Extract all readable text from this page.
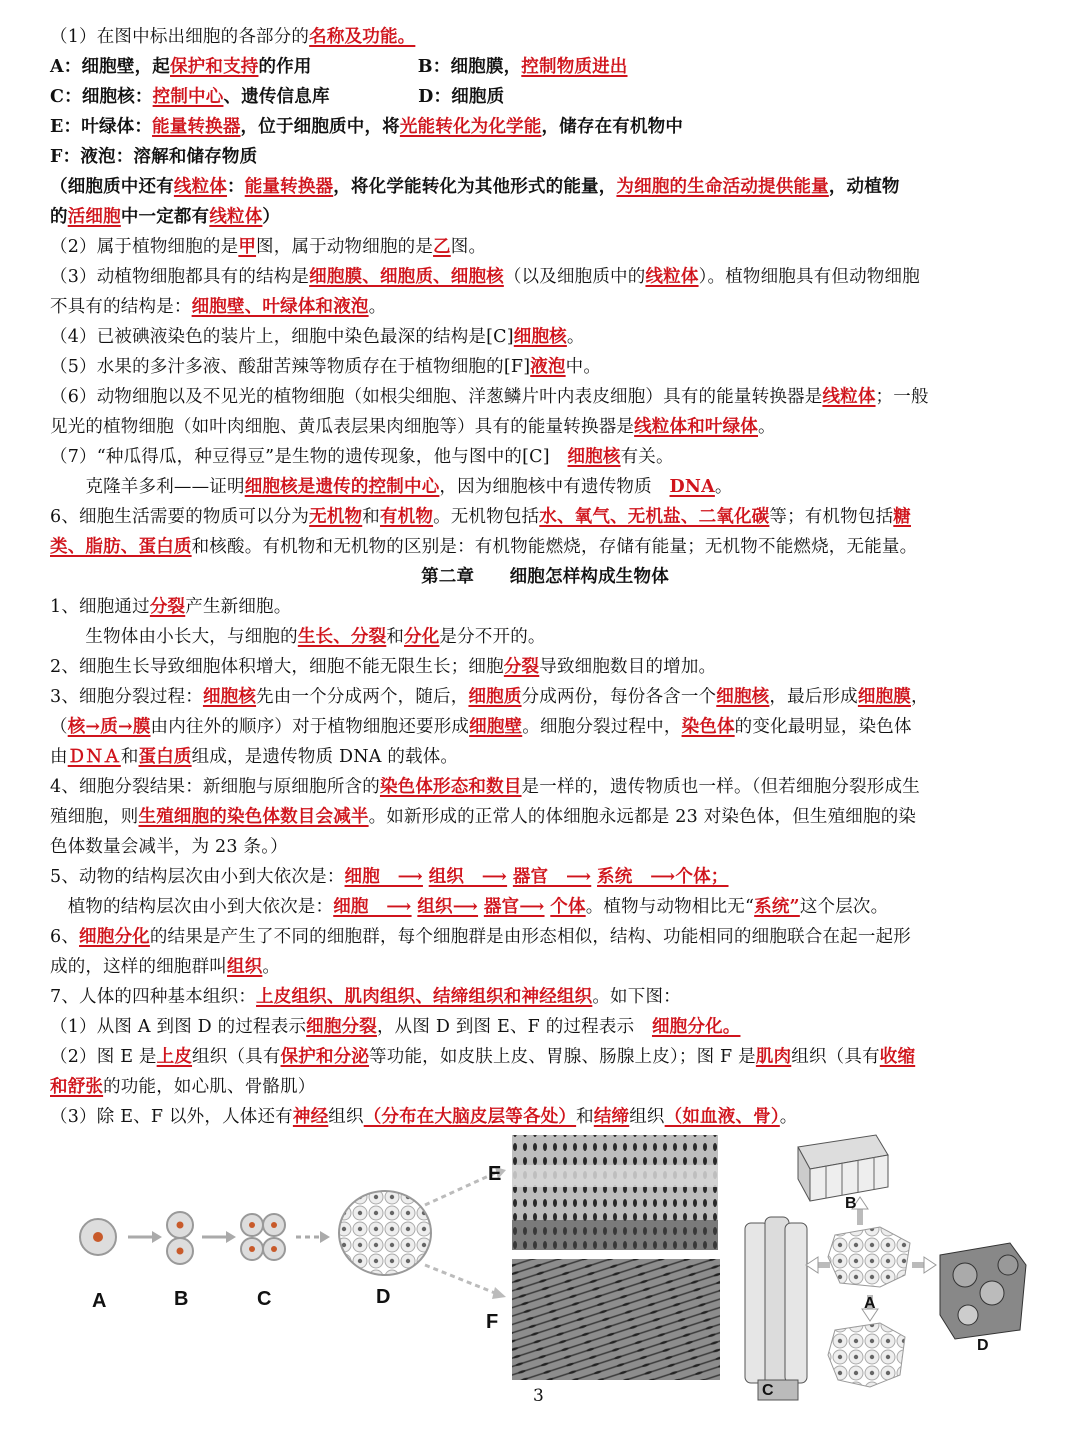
（1）在图中标出细胞的各部分的名称及功能。
A：细胞壁，起保护和支持的作用　　　　　　B：细胞膜，控制物质进出
C：细胞核：控制中心、遗传信息库　　　　　D：细胞质
E：叶绿体：能量转换器，位于细胞质中，将光能转化为化学能，储存在有机物中
F：液泡：溶解和储存物质
（细胞质中还有线粒体：能量转换器，将化学能转化为其他形式的能量，为细胞的生命活动提供能量，动植物
的活细胞中一定都有线粒体）
（2）属于植物细胞的是甲图，属于动物细胞的是乙图。
（3）动植物细胞都具有的结构是细胞膜、细胞质、细胞核（以及细胞质中的线粒体）。植物细胞具有但动物细胞
不具有的结构是：细胞壁、叶绿体和液泡。
（4）已被碘液染色的装片上，细胞中染色最深的结构是[C]细胞核。
（5）水果的多汁多液、酸甜苦辣等物质存在于植物细胞的[F]液泡中。
（6）动物细胞以及不见光的植物细胞（如根尖细胞、洋葱鳞片叶内表皮细胞）具有的能量转换器是线粒体；一般
见光的植物细胞（如叶肉细胞、黄瓜表层果肉细胞等）具有的能量转换器是线粒体和叶绿体。
（7）“种瓜得瓜，种豆得豆”是生物的遗传现象，他与图中的[C]　细胞核有关。
　　克隆羊多利——证明细胞核是遗传的控制中心，因为细胞核中有遗传物质　DNA。
6、细胞生活需要的物质可以分为无机物和有机物。无机物包括水、氧气、无机盐、二氧化碳等；有机物包括糖
类、脂肪、蛋白质和核酸。有机物和无机物的区别是：有机物能燃烧，存储有能量；无机物不能燃烧，无能量。
第二章　　细胞怎样构成生物体
1、细胞通过分裂产生新细胞。
　　生物体由小长大，与细胞的生长、分裂和分化是分不开的。
2、细胞生长导致细胞体积增大，细胞不能无限生长；细胞分裂导致细胞数目的增加。
3、细胞分裂过程：细胞核先由一个分成两个，随后，细胞质分成两份，每份各含一个细胞核，最后形成细胞膜，
（核→质→膜由内往外的顺序）对于植物细胞还要形成细胞壁。细胞分裂过程中，染色体的变化最明显，染色体
由ＤＮＡ和蛋白质组成，是遗传物质 DNA 的载体。
4、细胞分裂结果：新细胞与原细胞所含的染色体形态和数目是一样的，遗传物质也一样。（但若细胞分裂形成生
殖细胞，则生殖细胞的染色体数目会减半。如新形成的正常人的体细胞永远都是 23 对染色体，但生殖细胞的染
色体数量会减半，为 23 条。）
5、动物的结构层次由小到大依次是：细胞　⟶ 组织　⟶ 器官　⟶ 系统　⟶个体；
　植物的结构层次由小到大依次是：细胞　⟶ 组织⟶ 器官⟶ 个体。植物与动物相比无“系统”这个层次。
6、细胞分化的结果是产生了不同的细胞群，每个细胞群是由形态相似，结构、功能相同的细胞联合在起一起形
成的，这样的细胞群叫组织。
7、人体的四种基本组织：上皮组织、肌肉组织、结缔组织和神经组织。如下图：
（1）从图 A 到图 D 的过程表示细胞分裂，从图 D 到图 E、F 的过程表示　细胞分化。
（2）图 E 是上皮组织（具有保护和分泌等功能，如皮肤上皮、胃腺、肠腺上皮）；图 F 是肌肉组织（具有收缩
和舒张的功能，如心肌、骨骼肌）
（3）除 E、F 以外，人体还有神经组织（分布在大脑皮层等各处）和结缔组织（如血液、骨）。
A	B	C	D
E
F
B
A
C
D
3
